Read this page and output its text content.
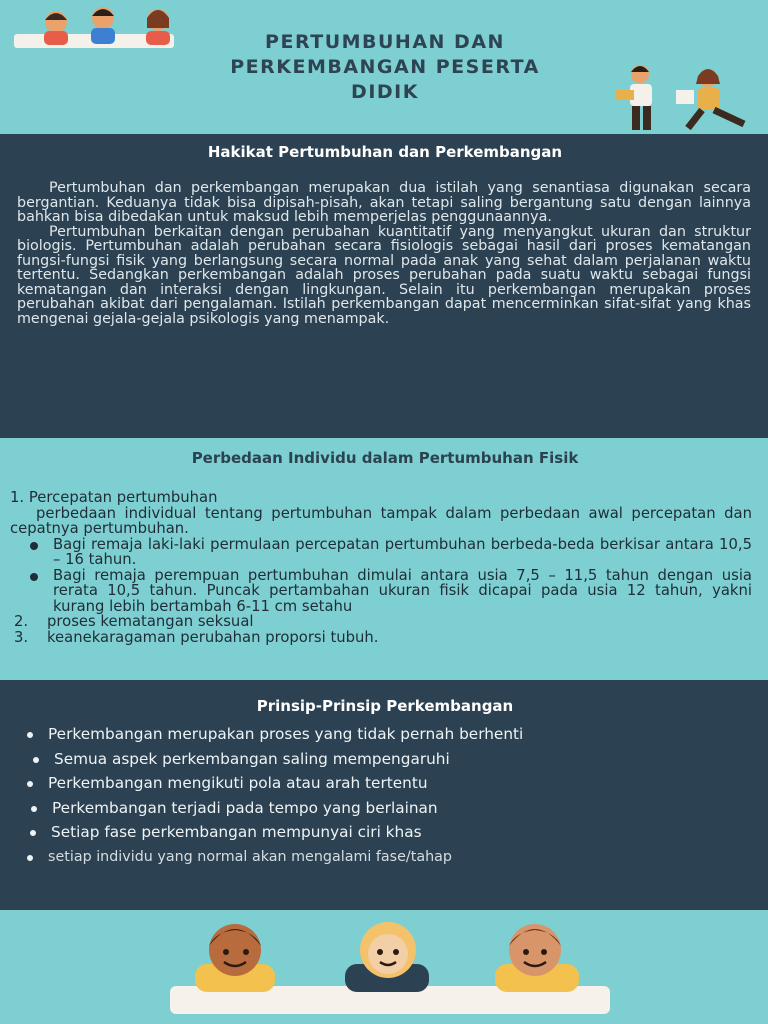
PERTUMBUHAN DAN PERKEMBANGAN PESERTA DIDIK
Hakikat Pertumbuhan dan Perkembangan

Pertumbuhan dan perkembangan merupakan dua istilah yang senantiasa digunakan secara bergantian. Keduanya tidak bisa dipisah-pisah, akan tetapi saling bergantung satu dengan lainnya bahkan bisa dibedakan untuk maksud lebih memperjelas penggunaannya.

Pertumbuhan berkaitan dengan perubahan kuantitatif yang menyangkut ukuran dan struktur biologis. Pertumbuhan adalah perubahan secara fisiologis sebagai hasil dari proses kematangan fungsi-fungsi fisik yang berlangsung secara normal pada anak yang sehat dalam perjalanan waktu tertentu. Sedangkan perkembangan adalah proses perubahan pada suatu waktu sebagai fungsi kematangan dan interaksi dengan lingkungan. Selain itu perkembangan merupakan proses perubahan akibat dari pengalaman. Istilah perkembangan dapat mencerminkan sifat-sifat yang khas mengenai gejala-gejala psikologis yang menampak.

Perbedaan Individu dalam Pertumbuhan Fisik

1. Percepatan pertumbuhan

perbedaan individual tentang pertumbuhan tampak dalam perbedaan awal percepatan dan cepatnya pertumbuhan.

Bagi remaja laki-laki permulaan percepatan pertumbuhan berbeda-beda berkisar antara 10,5 – 16 tahun.
Bagi remaja perempuan pertumbuhan dimulai antara usia 7,5 – 11,5 tahun dengan usia rerata 10,5 tahun. Puncak pertambahan ukuran fisik dicapai pada usia 12 tahun, yakni kurang lebih bertambah 6-11 cm setahu
2. proses kematangan seksual
3. keanekaragaman perubahan proporsi tubuh.
Prinsip-Prinsip Perkembangan
Perkembangan merupakan proses yang tidak pernah berhenti
Semua aspek perkembangan saling mempengaruhi
Perkembangan mengikuti pola atau arah tertentu
Perkembangan terjadi pada tempo yang berlainan
Setiap fase perkembangan mempunyai ciri khas
setiap individu yang normal akan mengalami fase/tahap
